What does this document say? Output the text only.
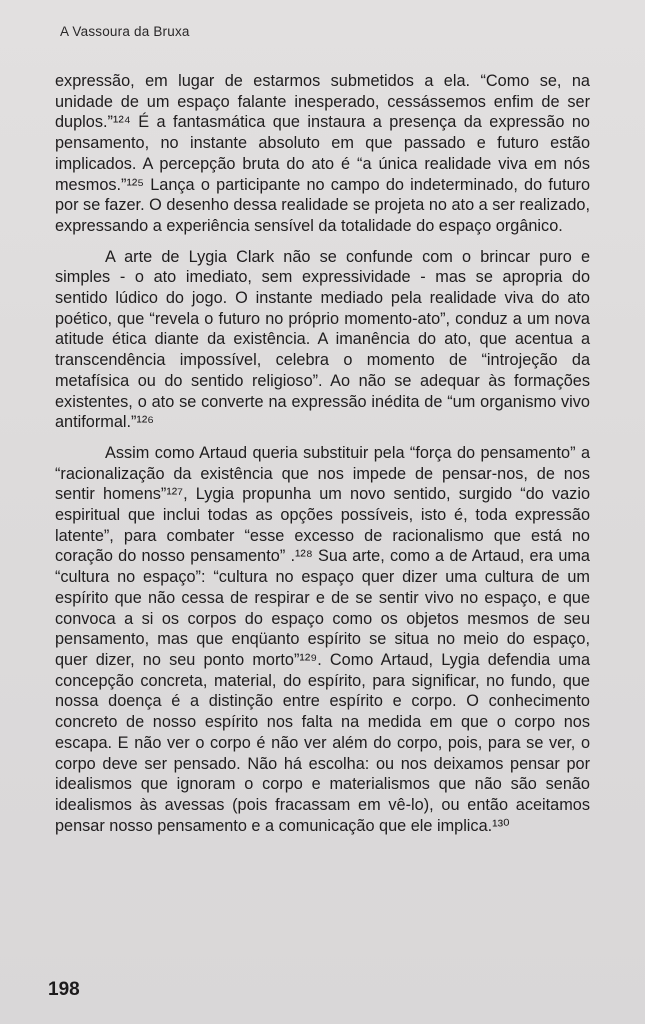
A Vassoura da Bruxa

expressão, em lugar de estarmos submetidos a ela. “Como se, na unidade de um espaço falante inesperado, cessássemos enfim de ser duplos.”¹²⁴ É a fantasmática que instaura a presença da expressão no pensamento, no instante absoluto em que passado e futuro estão implicados. A percepção bruta do ato é “a única realidade viva em nós mesmos.”¹²⁵ Lança o participante no campo do indeterminado, do futuro por se fazer. O desenho dessa realidade se projeta no ato a ser realizado, expressando a experiência sensível da totalidade do espaço orgânico.

A arte de Lygia Clark não se confunde com o brincar puro e simples - o ato imediato, sem expressividade - mas se apropria do sentido lúdico do jogo. O instante mediado pela realidade viva do ato poético, que “revela o futuro no próprio momento-ato”, conduz a um nova atitude ética diante da existência. A imanência do ato, que acentua a transcendência impossível, celebra o momento de “introjeção da metafísica ou do sentido religioso”. Ao não se adequar às formações existentes, o ato se converte na expressão inédita de “um organismo vivo antiformal.”¹²⁶

Assim como Artaud queria substituir pela “força do pensamento” a “racionalização da existência que nos impede de pensar-nos, de nos sentir homens”¹²⁷, Lygia propunha um novo sentido, surgido “do vazio espiritual que inclui todas as opções possíveis, isto é, toda expressão latente”, para combater “esse excesso de racionalismo que está no coração do nosso pensamento” .¹²⁸ Sua arte, como a de Artaud, era uma “cultura no espaço”: “cultura no espaço quer dizer uma cultura de um espírito que não cessa de respirar e de se sentir vivo no espaço, e que convoca a si os corpos do espaço como os objetos mesmos de seu pensamento, mas que enqüanto espírito se situa no meio do espaço, quer dizer, no seu ponto morto”¹²⁹. Como Artaud, Lygia defendia uma concepção concreta, material, do espírito, para significar, no fundo, que nossa doença é a distinção entre espírito e corpo. O conhecimento concreto de nosso espírito nos falta na medida em que o corpo nos escapa. E não ver o corpo é não ver além do corpo, pois, para se ver, o corpo deve ser pensado. Não há escolha: ou nos deixamos pensar por idealismos que ignoram o corpo e materialismos que não são senão idealismos às avessas (pois fracassam em vê-lo), ou então aceitamos pensar nosso pensamento e a comunicação que ele implica.¹³⁰

198
